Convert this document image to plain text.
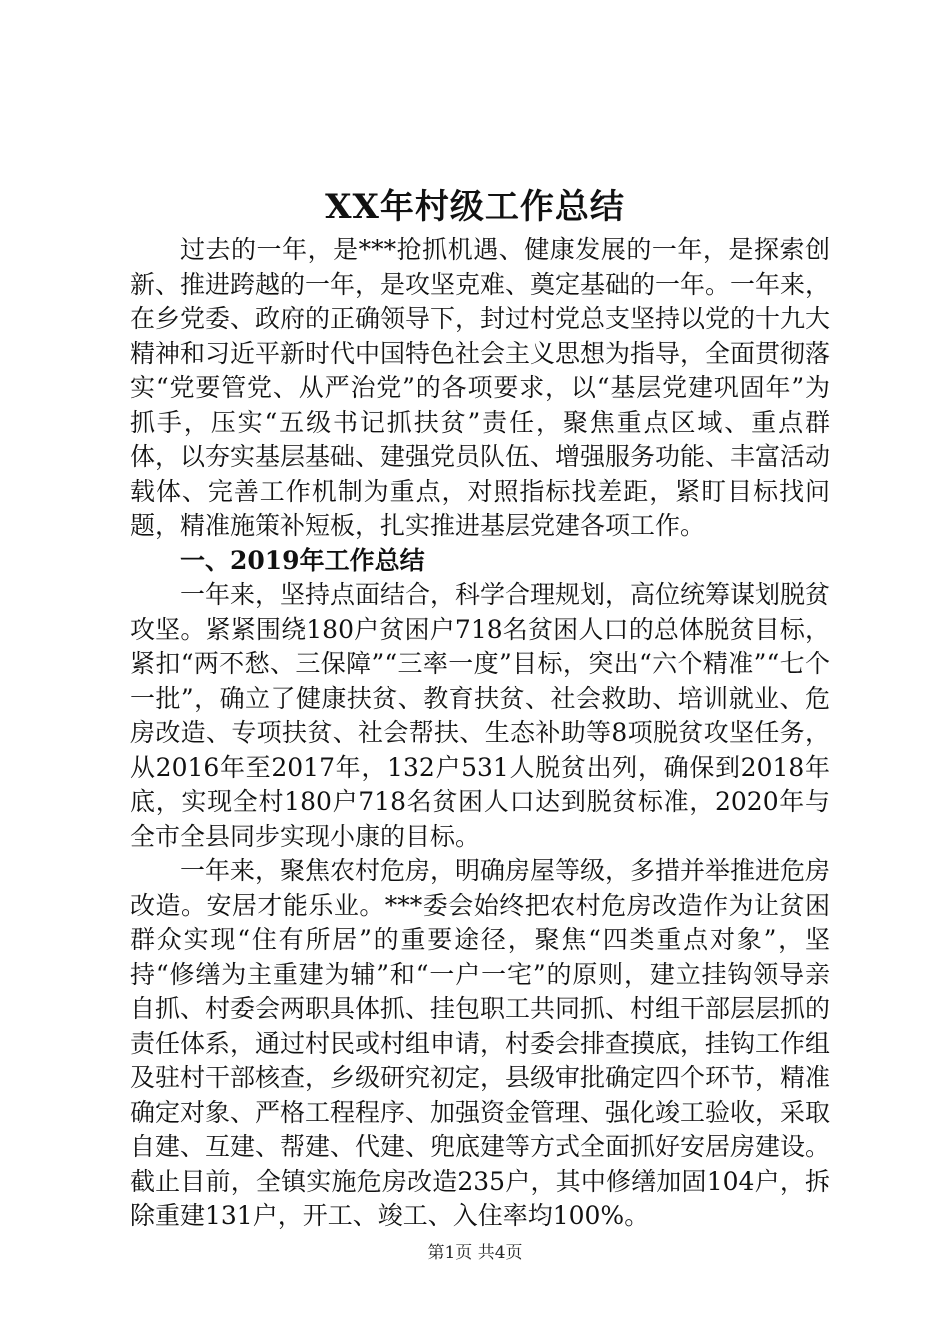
XX年村级工作总结

过去的一年，是***抢抓机遇、健康发展的一年，是探索创新、推进跨越的一年，是攻坚克难、奠定基础的一年。一年来，在乡党委、政府的正确领导下，封过村党总支坚持以党的十九大精神和习近平新时代中国特色社会主义思想为指导，全面贯彻落实“党要管党、从严治党”的各项要求，以“基层党建巩固年”为抓手，压实“五级书记抓扶贫”责任，聚焦重点区域、重点群体，以夯实基层基础、建强党员队伍、增强服务功能、丰富活动载体、完善工作机制为重点，对照指标找差距，紧盯目标找问题，精准施策补短板，扎实推进基层党建各项工作。

一、2019年工作总结

一年来，坚持点面结合，科学合理规划，高位统筹谋划脱贫攻坚。紧紧围绕180户贫困户718名贫困人口的总体脱贫目标，紧扣“两不愁、三保障”“三率一度”目标，突出“六个精准”“七个一批”，确立了健康扶贫、教育扶贫、社会救助、培训就业、危房改造、专项扶贫、社会帮扶、生态补助等8项脱贫攻坚任务，从2016年至2017年，132户531人脱贫出列，确保到2018年底，实现全村180户718名贫困人口达到脱贫标准，2020年与全市全县同步实现小康的目标。

一年来，聚焦农村危房，明确房屋等级，多措并举推进危房改造。安居才能乐业。***委会始终把农村危房改造作为让贫困群众实现“住有所居”的重要途径，聚焦“四类重点对象”，坚持“修缮为主重建为辅”和“一户一宅”的原则，建立挂钩领导亲自抓、村委会两职具体抓、挂包职工共同抓、村组干部层层抓的责任体系，通过村民或村组申请，村委会排查摸底，挂钩工作组及驻村干部核查，乡级研究初定，县级审批确定四个环节，精准确定对象、严格工程程序、加强资金管理、强化竣工验收，采取自建、互建、帮建、代建、兜底建等方式全面抓好安居房建设。截止目前，全镇实施危房改造235户，其中修缮加固104户，拆除重建131户，开工、竣工、入住率均100%。

第1页 共4页
